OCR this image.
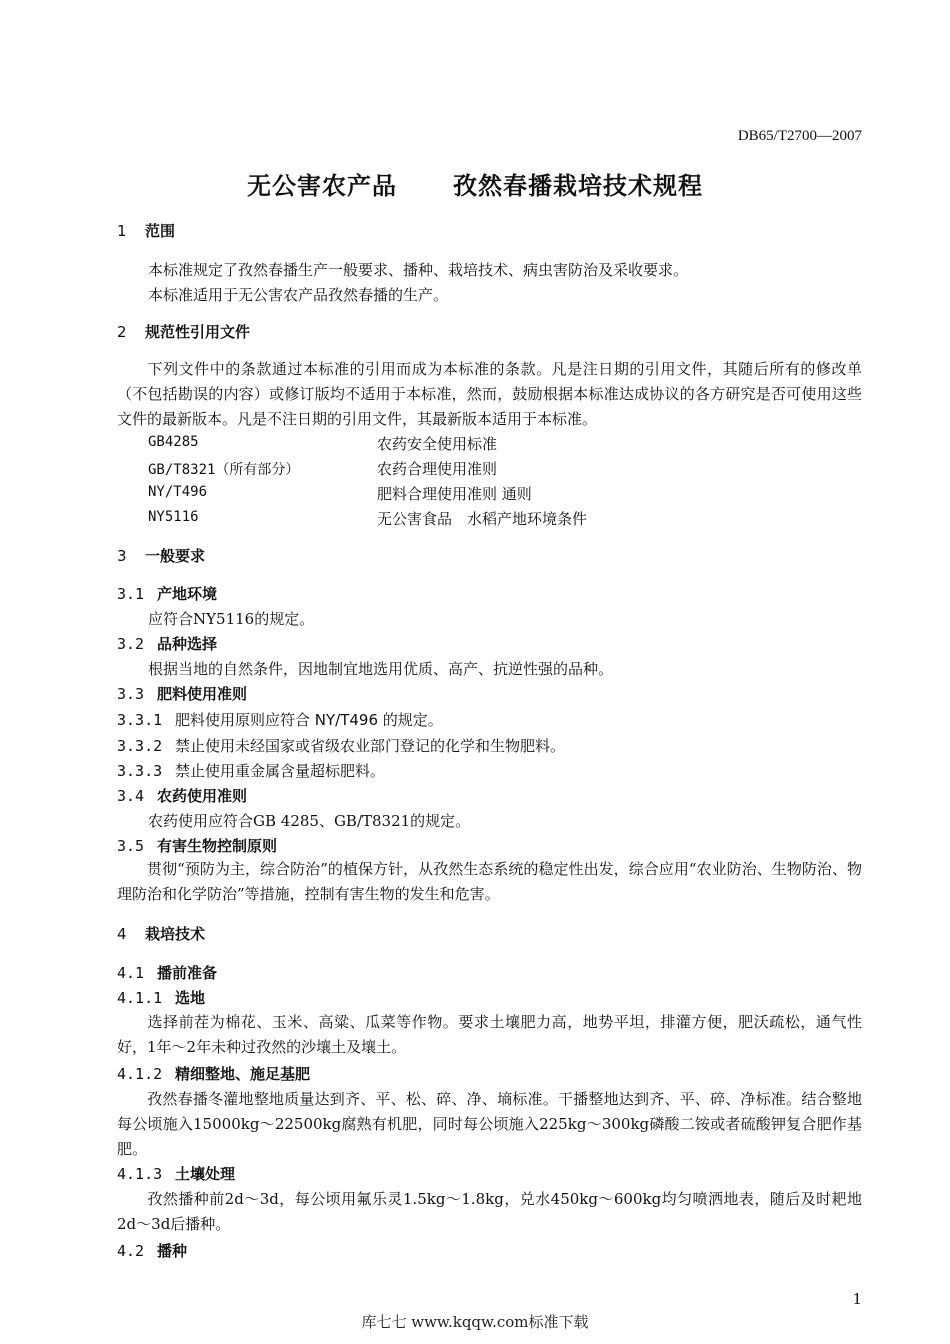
DB65/T2700—2007
无公害农产品 孜然春播栽培技术规程
1 范围
本标准规定了孜然春播生产一般要求、播种、栽培技术、病虫害防治及采收要求。
本标准适用于无公害农产品孜然春播的生产。
2 规范性引用文件
下列文件中的条款通过本标准的引用而成为本标准的条款。凡是注日期的引用文件，其随后所有的修改单（不包括勘误的内容）或修订版均不适用于本标准，然而，鼓励根据本标准达成协议的各方研究是否可使用这些文件的最新版本。凡是不注日期的引用文件，其最新版本适用于本标准。
GB4285	农药安全使用标准
GB/T8321（所有部分）	农药合理使用准则
NY/T496	肥料合理使用准则 通则
NY5116	无公害食品　水稻产地环境条件
3 一般要求
3.1 产地环境
应符合NY5116的规定。
3.2 品种选择
根据当地的自然条件，因地制宜地选用优质、高产、抗逆性强的品种。
3.3 肥料使用准则
3.3.1 肥料使用原则应符合 NY/T496 的规定。
3.3.2 禁止使用未经国家或省级农业部门登记的化学和生物肥料。
3.3.3 禁止使用重金属含量超标肥料。
3.4 农药使用准则
农药使用应符合GB 4285、GB/T8321的规定。
3.5 有害生物控制原则
贯彻“预防为主，综合防治”的植保方针，从孜然生态系统的稳定性出发，综合应用“农业防治、生物防治、物理防治和化学防治”等措施，控制有害生物的发生和危害。
4 栽培技术
4.1 播前准备
4.1.1 选地
选择前茬为棉花、玉米、高粱、瓜菜等作物。要求土壤肥力高，地势平坦，排灌方便，肥沃疏松，通气性好，1年～2年未种过孜然的沙壤土及壤土。
4.1.2 精细整地、施足基肥
孜然春播冬灌地整地质量达到齐、平、松、碎、净、墒标准。干播整地达到齐、平、碎、净标准。结合整地每公顷施入15000kg～22500kg腐熟有机肥，同时每公顷施入225kg～300kg磷酸二铵或者硫酸钾复合肥作基肥。
4.1.3 土壤处理
孜然播种前2d～3d，每公顷用氟乐灵1.5kg～1.8kg，兑水450kg～600kg均匀喷洒地表，随后及时耙地2d～3d后播种。
4.2 播种
1
库七七 www.kqqw.com标准下载
